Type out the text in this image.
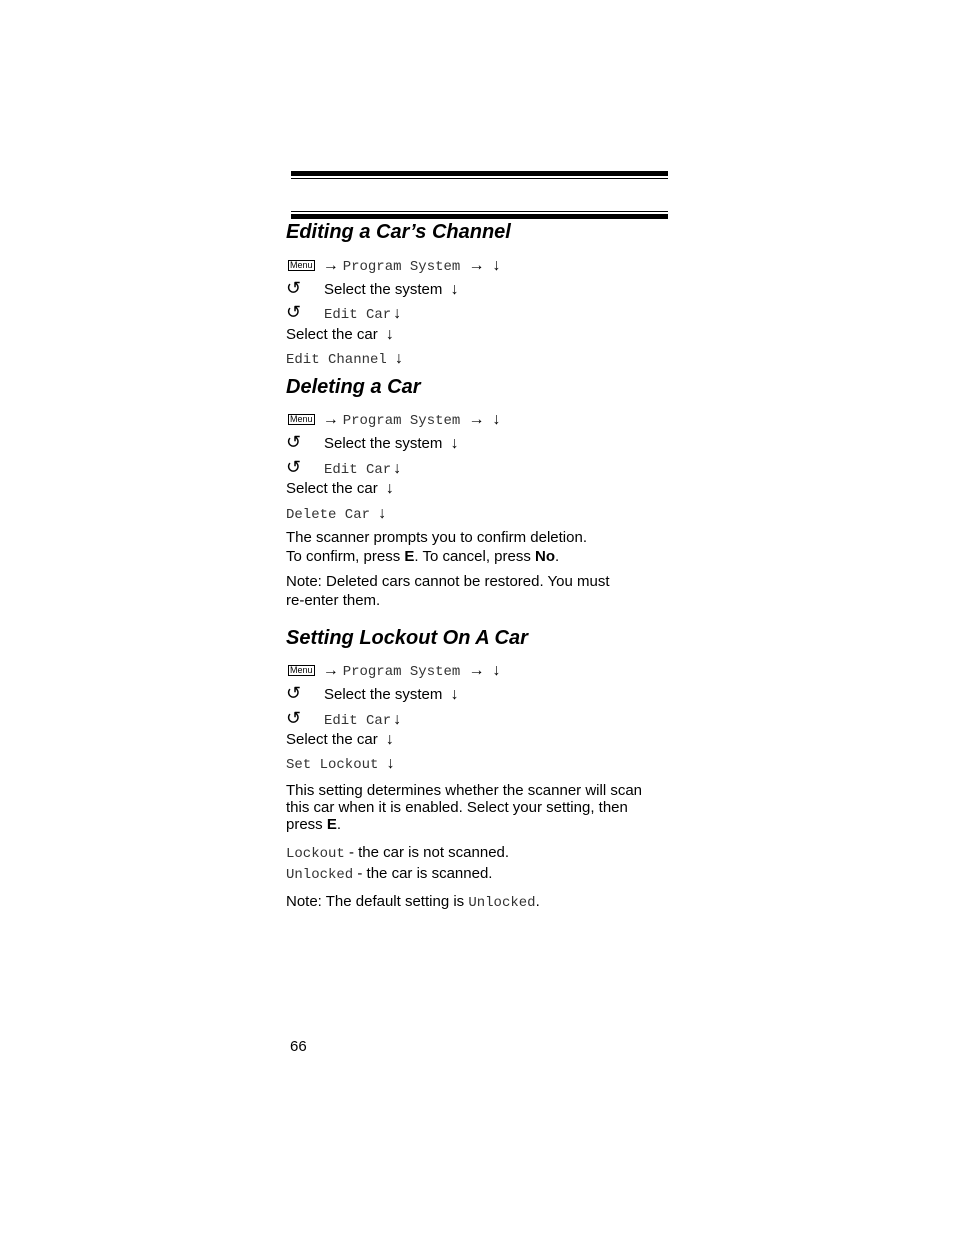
Editing a Car’s Channel
Menu → Program System → ↓
↺ Select the system ↓
↺ Edit Car ↓
Select the car ↓
Edit Channel ↓
Deleting a Car
Menu → Program System → ↓
↺ Select the system ↓
↺ Edit Car ↓
Select the car ↓
Delete Car ↓
The scanner prompts you to confirm deletion.
To confirm, press E. To cancel, press No.
Note: Deleted cars cannot be restored. You must
re-enter them.
Setting Lockout On A Car
Menu → Program System → ↓
↺ Select the system ↓
↺ Edit Car ↓
Select the car ↓
Set Lockout ↓
This setting determines whether the scanner will scan
this car when it is enabled. Select your setting, then
press E.
Lockout - the car is not scanned.
Unlocked - the car is scanned.
Note: The default setting is Unlocked.
66
